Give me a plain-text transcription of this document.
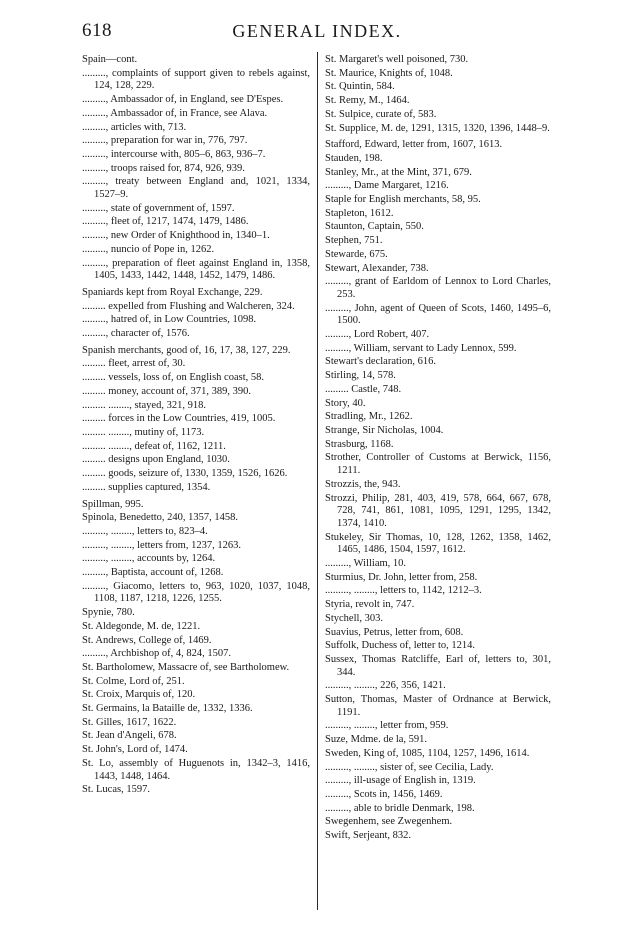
618	GENERAL INDEX.
Spain—cont.
........., complaints of support given to rebels against, 124, 128, 229.
........., Ambassador of, in England, see D'Espes.
........., Ambassador of, in France, see Alava.
........., articles with, 713.
........., preparation for war in, 776, 797.
........., intercourse with, 805–6, 863, 936–7.
........., troops raised for, 874, 926, 939.
........., treaty between England and, 1021, 1334, 1527–9.
........., state of government of, 1597.
........., fleet of, 1217, 1474, 1479, 1486.
........., new Order of Knighthood in, 1340–1.
........., nuncio of Pope in, 1262.
........., preparation of fleet against England in, 1358, 1405, 1433, 1442, 1448, 1452, 1479, 1486.
Spaniards kept from Royal Exchange, 229.
......... expelled from Flushing and Walcheren, 324.
........., hatred of, in Low Countries, 1098.
........., character of, 1576.
Spanish merchants, good of, 16, 17, 38, 127, 229.
......... fleet, arrest of, 30.
......... vessels, loss of, on English coast, 58.
......... money, account of, 371, 389, 390.
......... ........, stayed, 321, 918.
......... forces in the Low Countries, 419, 1005.
......... ........, mutiny of, 1173.
......... ........, defeat of, 1162, 1211.
......... designs upon England, 1030.
......... goods, seizure of, 1330, 1359, 1526, 1626.
......... supplies captured, 1354.
Spillman, 995.
Spinola, Benedetto, 240, 1357, 1458.
........., ........, letters to, 823–4.
........., ........, letters from, 1237, 1263.
........., ........, accounts by, 1264.
........., Baptista, account of, 1268.
........., Giacomo, letters to, 963, 1020, 1037, 1048, 1108, 1187, 1218, 1226, 1255.
Spynie, 780.
St. Aldegonde, M. de, 1221.
St. Andrews, College of, 1469.
........., Archbishop of, 4, 824, 1507.
St. Bartholomew, Massacre of, see Bartholomew.
St. Colme, Lord of, 251.
St. Croix, Marquis of, 120.
St. Germains, la Bataille de, 1332, 1336.
St. Gilles, 1617, 1622.
St. Jean d'Angeli, 678.
St. John's, Lord of, 1474.
St. Lo, assembly of Huguenots in, 1342–3, 1416, 1443, 1448, 1464.
St. Lucas, 1597.
St. Margaret's well poisoned, 730.
St. Maurice, Knights of, 1048.
St. Quintin, 584.
St. Remy, M., 1464.
St. Sulpice, curate of, 583.
St. Supplice, M. de, 1291, 1315, 1320, 1396, 1448–9.
Stafford, Edward, letter from, 1607, 1613.
Stauden, 198.
Stanley, Mr., at the Mint, 371, 679.
........., Dame Margaret, 1216.
Staple for English merchants, 58, 95.
Stapleton, 1612.
Staunton, Captain, 550.
Stephen, 751.
Stewarde, 675.
Stewart, Alexander, 738.
........., grant of Earldom of Lennox to Lord Charles, 253.
........., John, agent of Queen of Scots, 1460, 1495–6, 1500.
........., Lord Robert, 407.
........., William, servant to Lady Lennox, 599.
Stewart's declaration, 616.
Stirling, 14, 578.
......... Castle, 748.
Story, 40.
Stradling, Mr., 1262.
Strange, Sir Nicholas, 1004.
Strasburg, 1168.
Strother, Controller of Customs at Berwick, 1156, 1211.
Strozzis, the, 943.
Strozzi, Philip, 281, 403, 419, 578, 664, 667, 678, 728, 741, 861, 1081, 1095, 1291, 1295, 1342, 1374, 1410.
Stukeley, Sir Thomas, 10, 128, 1262, 1358, 1462, 1465, 1486, 1504, 1597, 1612.
........., William, 10.
Sturmius, Dr. John, letter from, 258.
........., ........, letters to, 1142, 1212–3.
Styria, revolt in, 747.
Stychell, 303.
Suavius, Petrus, letter from, 608.
Suffolk, Duchess of, letter to, 1214.
Sussex, Thomas Ratcliffe, Earl of, letters to, 301, 344.
........., ........, 226, 356, 1421.
Sutton, Thomas, Master of Ordnance at Berwick, 1191.
........., ........, letter from, 959.
Suze, Mdme. de la, 591.
Sweden, King of, 1085, 1104, 1257, 1496, 1614.
........., ........, sister of, see Cecilia, Lady.
........., ill-usage of English in, 1319.
........., Scots in, 1456, 1469.
........., able to bridle Denmark, 198.
Swegenhem, see Zwegenhem.
Swift, Serjeant, 832.
